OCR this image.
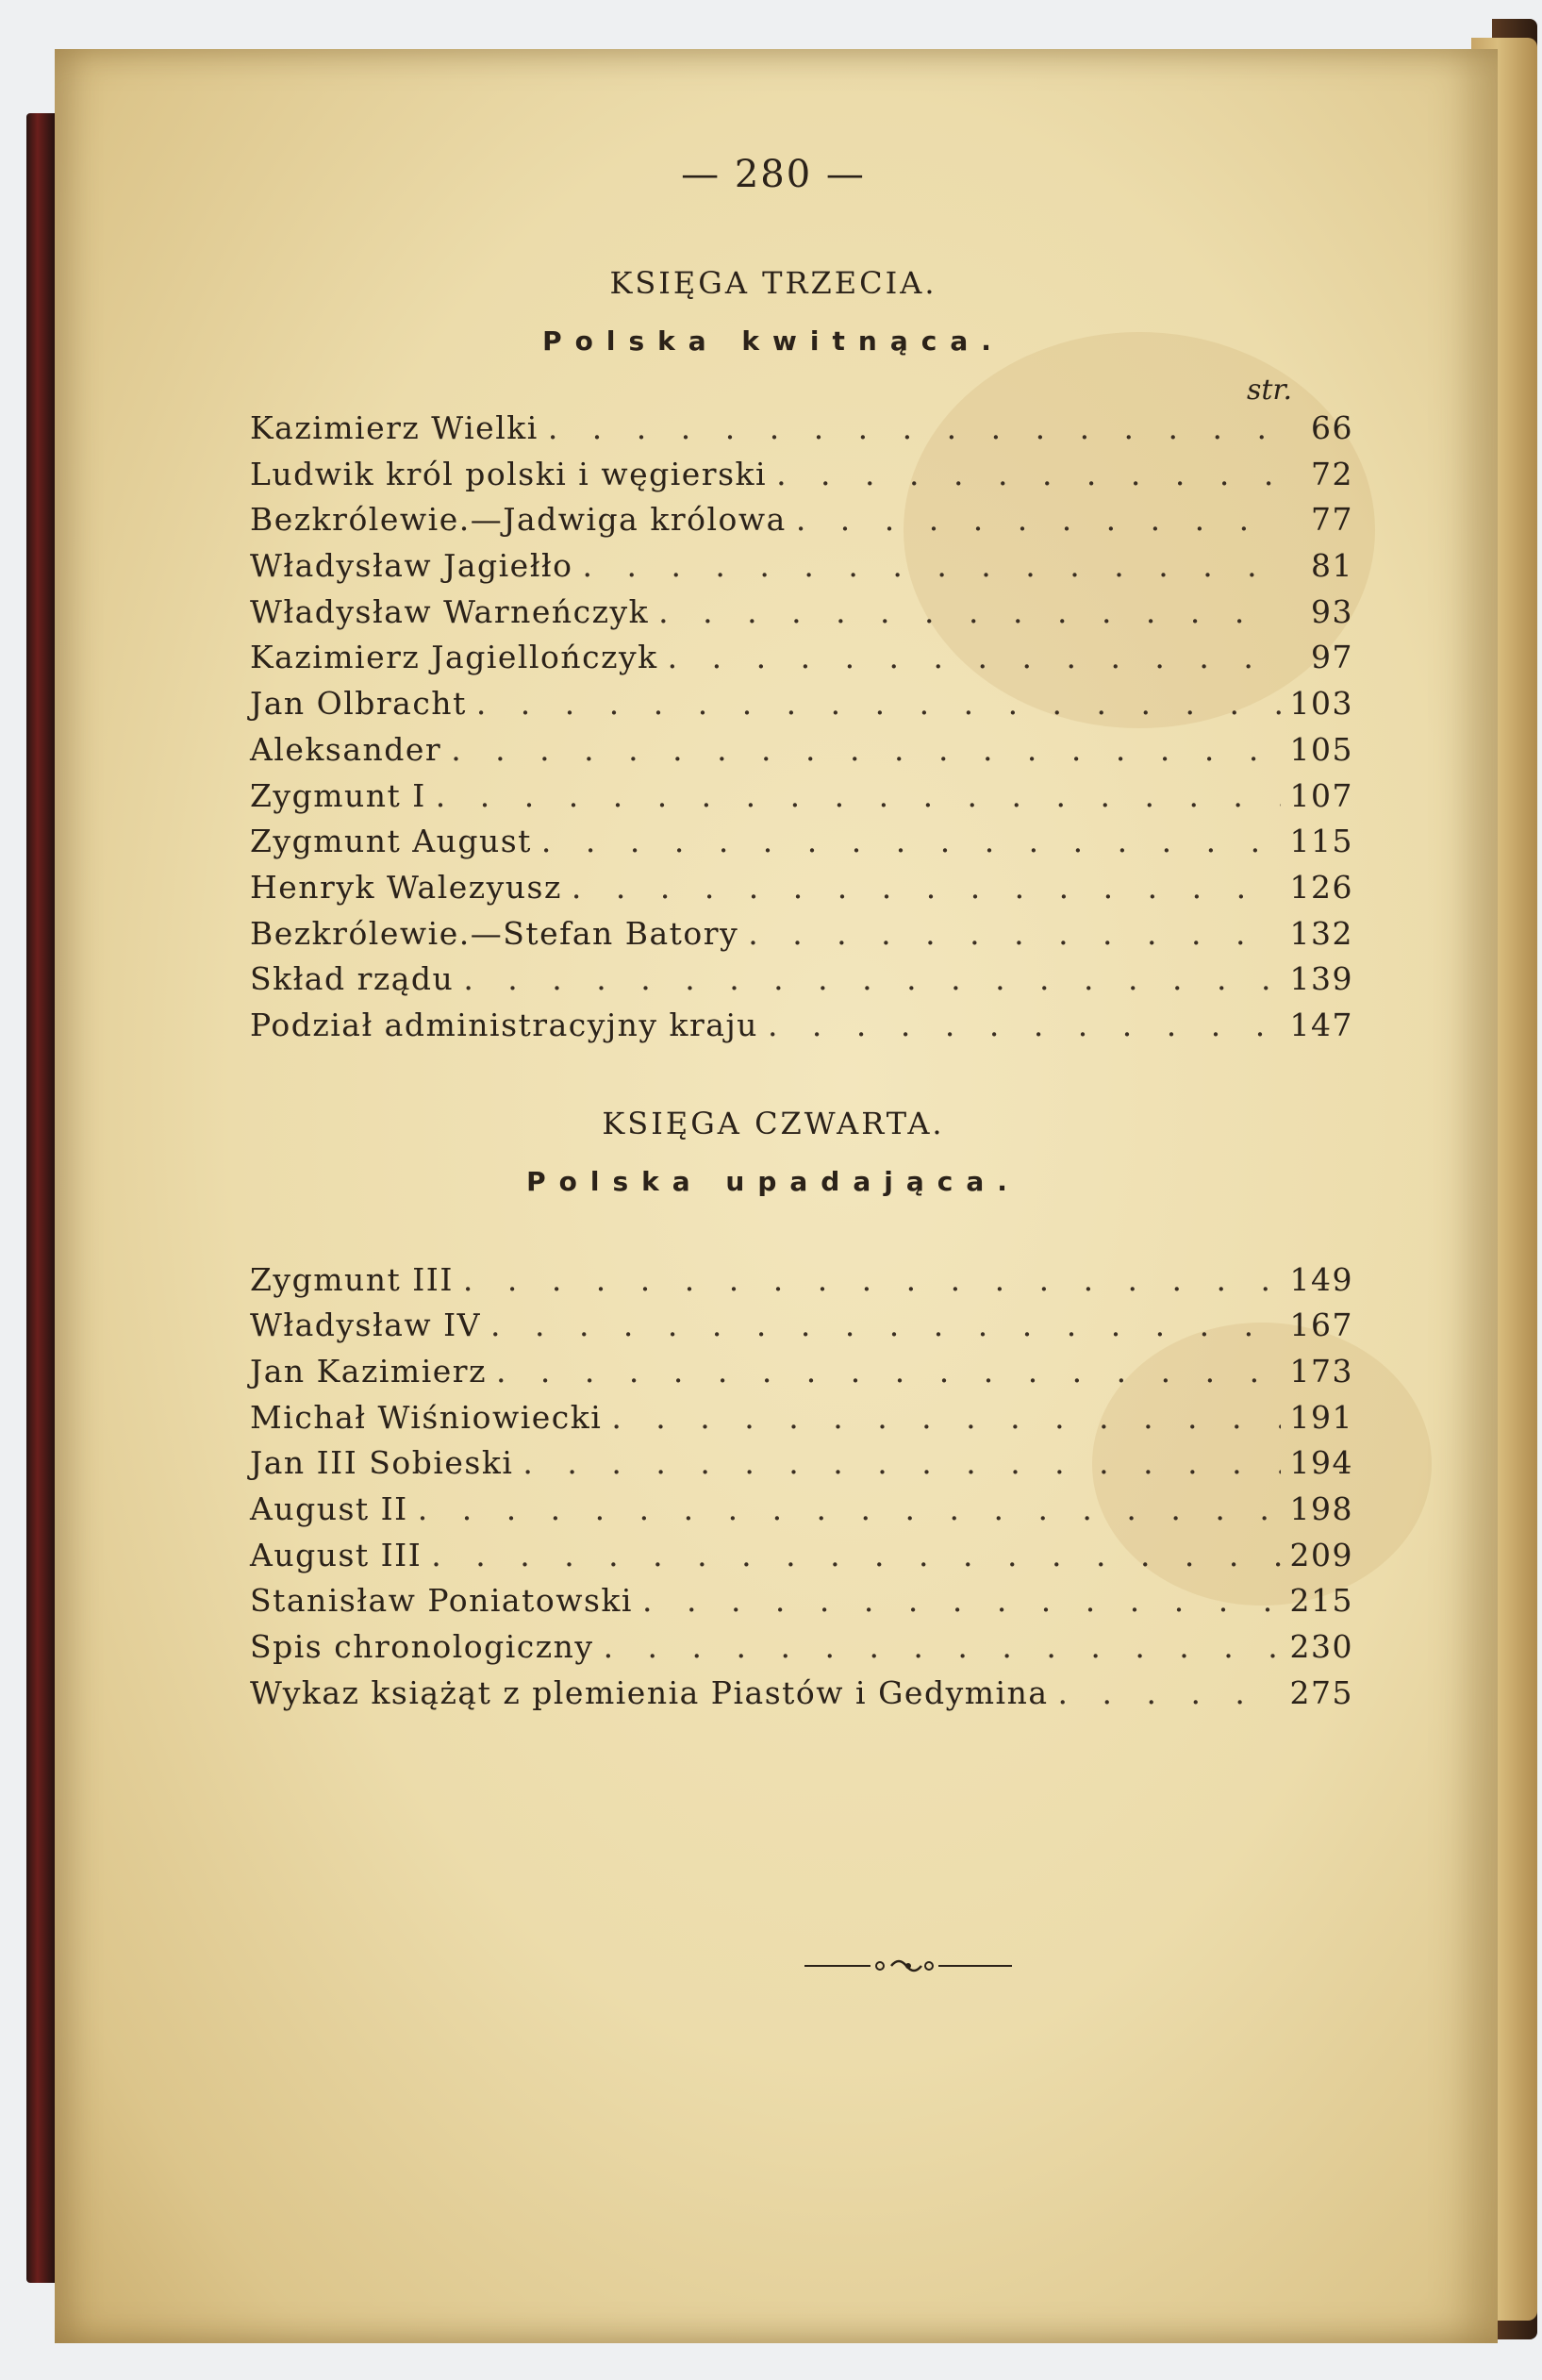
— 280 —
KSIĘGA TRZECIA.
Polska kwitnąca.
str.
Kazimierz Wielki . . .	66
Ludwik król polski i węgierski . . .	72
Bezkrólewie.—Jadwiga królowa . . .	77
Władysław Jagiełło . . .	81
Władysław Warneńczyk . . .	93
Kazimierz Jagiellończyk . . .	97
Jan Olbracht . . .	103
Aleksander . . .	105
Zygmunt I . . .	107
Zygmunt August . . .	115
Henryk Walezyusz . . .	126
Bezkrólewie.—Stefan Batory . . .	132
Skład rządu . . .	139
Podział administracyjny kraju . . .	147
KSIĘGA CZWARTA.
Polska upadająca.
Zygmunt III . . .	149
Władysław IV . . .	167
Jan Kazimierz . . .	173
Michał Wiśniowiecki . . .	191
Jan III Sobieski . . .	194
August II . . .	198
August III . . .	209
Stanisław Poniatowski . . .	215
Spis chronologiczny . . .	230
Wykaz książąt z plemienia Piastów i Gedymina . . .	275
